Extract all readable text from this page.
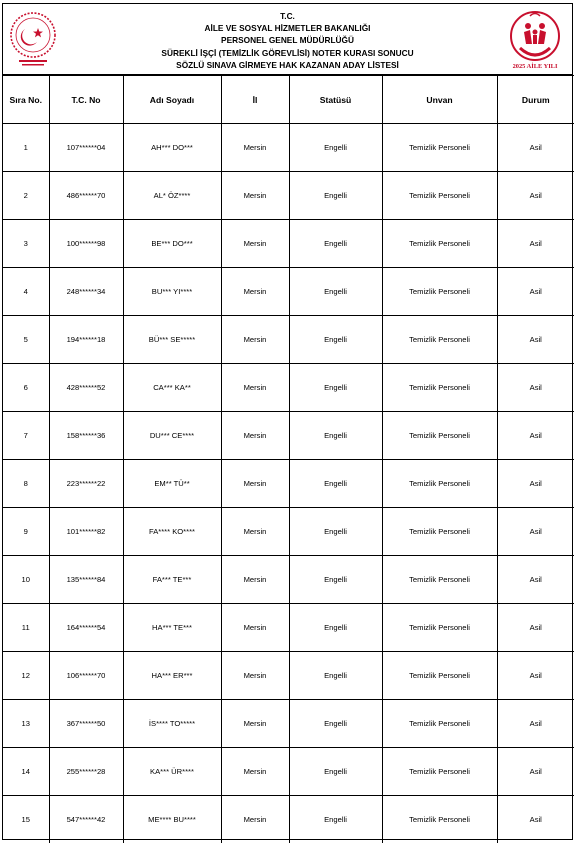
T.C.
AİLE VE SOSYAL HİZMETLER BAKANLIĞI
PERSONEL GENEL MÜDÜRLÜĞÜ
SÜREKLİ İŞÇİ (TEMİZLİK GÖREVLİSİ) NOTER KURASI SONUCU
SÖZLÜ SINAVA GİRMEYE HAK KAZANAN ADAY LİSTESİ	2025 AİLE YILI
Sıra No.	T.C. No	Adı Soyadı	İl	Statüsü	Unvan	Durum
1	107******04	AH*** DO***	Mersin	Engelli	Temizlik Personeli	Asil
2	486******70	AL* ÖZ****	Mersin	Engelli	Temizlik Personeli	Asil
3	100******98	BE*** DO***	Mersin	Engelli	Temizlik Personeli	Asil
4	248******34	BU*** YI****	Mersin	Engelli	Temizlik Personeli	Asil
5	194******18	BÜ*** SE*****	Mersin	Engelli	Temizlik Personeli	Asil
6	428******52	CA*** KA**	Mersin	Engelli	Temizlik Personeli	Asil
7	158******36	DU*** CE****	Mersin	Engelli	Temizlik Personeli	Asil
8	223******22	EM** TÜ**	Mersin	Engelli	Temizlik Personeli	Asil
9	101******82	FA**** KO****	Mersin	Engelli	Temizlik Personeli	Asil
10	135******84	FA*** TE***	Mersin	Engelli	Temizlik Personeli	Asil
11	164******54	HA*** TE***	Mersin	Engelli	Temizlik Personeli	Asil
12	106******70	HA*** ER***	Mersin	Engelli	Temizlik Personeli	Asil
13	367******50	İS**** TO*****	Mersin	Engelli	Temizlik Personeli	Asil
14	255******28	KA*** ÜR****	Mersin	Engelli	Temizlik Personeli	Asil
15	547******42	ME**** BU****	Mersin	Engelli	Temizlik Personeli	Asil
